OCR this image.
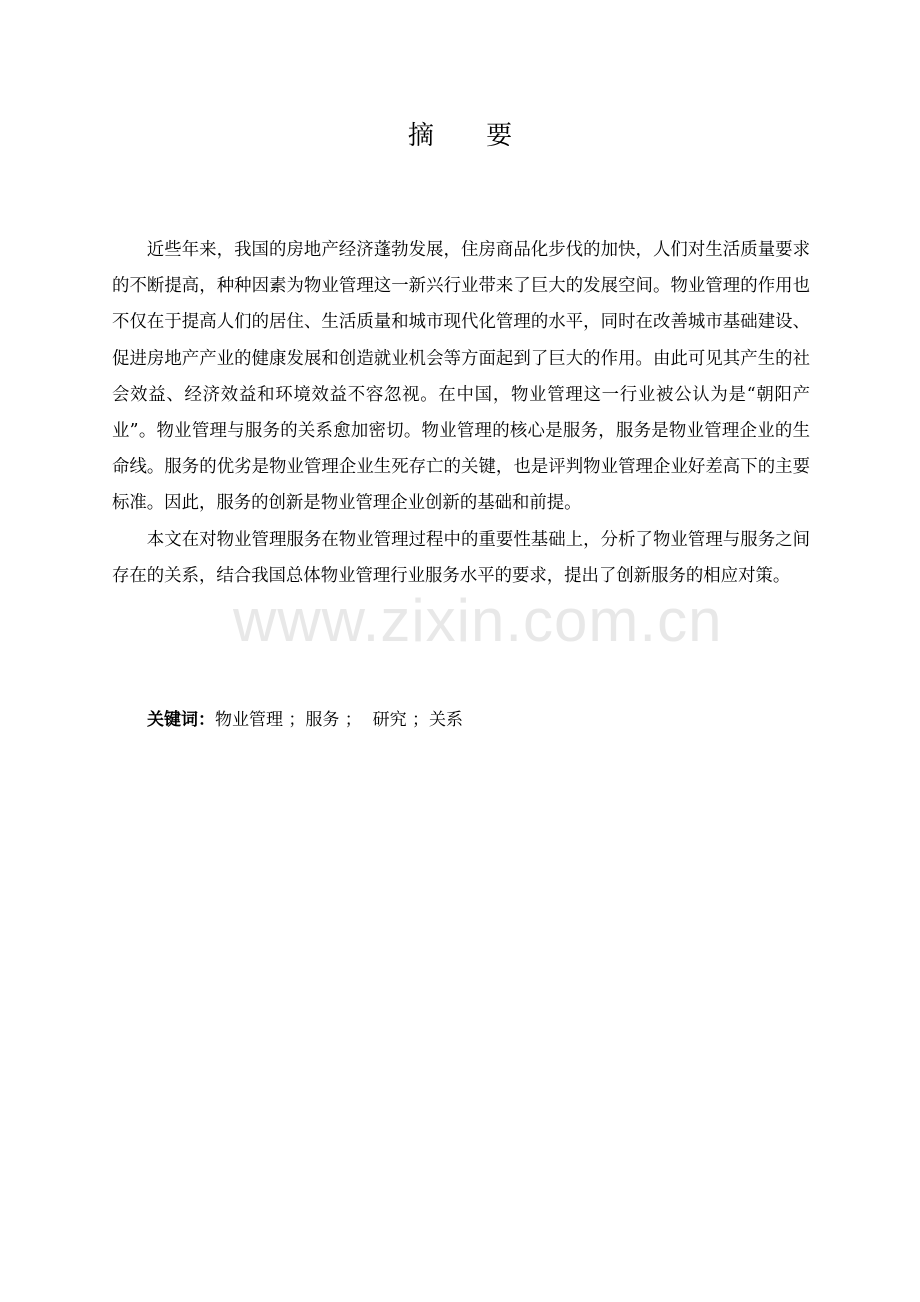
www.zixin.com.cn
摘 要

近些年来，我国的房地产经济蓬勃发展，住房商品化步伐的加快，人们对生活质量要求的不断提高，种种因素为物业管理这一新兴行业带来了巨大的发展空间。物业管理的作用也不仅在于提高人们的居住、生活质量和城市现代化管理的水平，同时在改善城市基础建设、促进房地产产业的健康发展和创造就业机会等方面起到了巨大的作用。由此可见其产生的社会效益、经济效益和环境效益不容忽视。在中国，物业管理这一行业被公认为是“朝阳产业”。物业管理与服务的关系愈加密切。物业管理的核心是服务，服务是物业管理企业的生命线。服务的优劣是物业管理企业生死存亡的关键，也是评判物业管理企业好差高下的主要标准。因此，服务的创新是物业管理企业创新的基础和前提。

本文在对物业管理服务在物业管理过程中的重要性基础上，分析了物业管理与服务之间存在的关系，结合我国总体物业管理行业服务水平的要求，提出了创新服务的相应对策。

关键词：物业管理 ；服务 ；  研究 ；关系
